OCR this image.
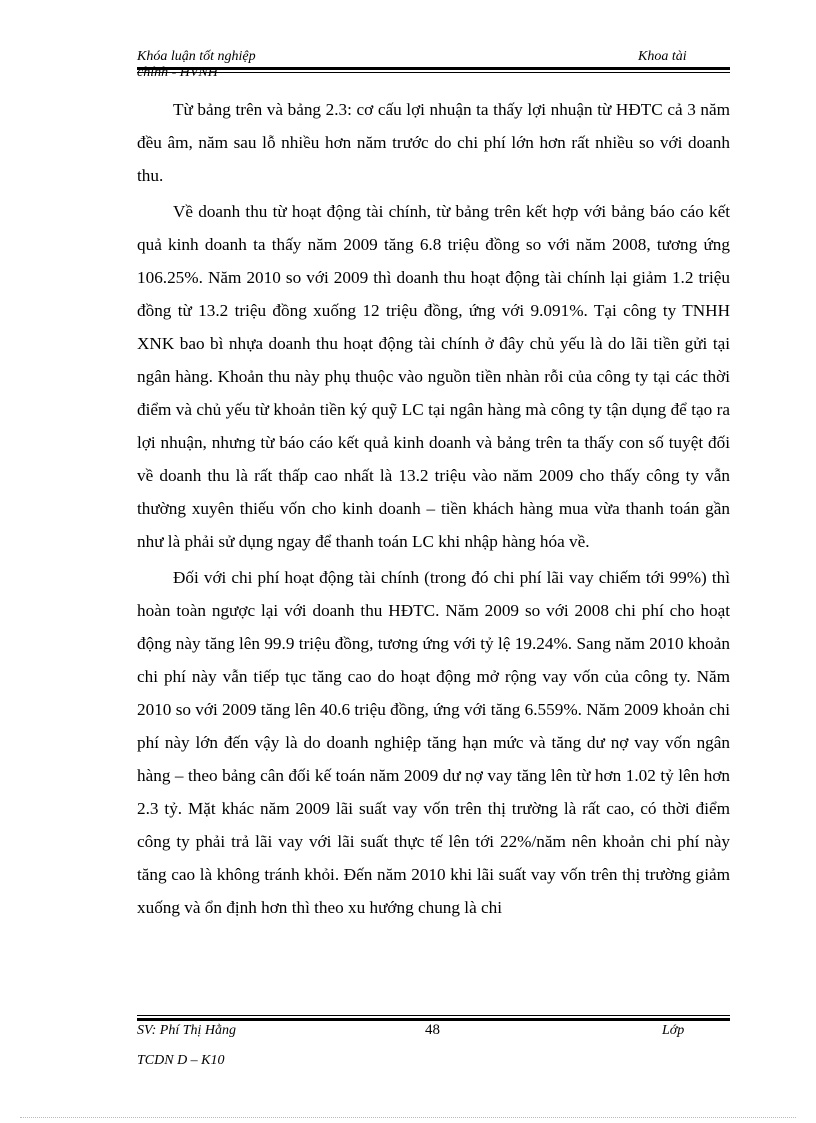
Khóa luận tốt nghiệp	Khoa tài
chính - HVNH

Từ bảng trên và bảng 2.3: cơ cấu lợi nhuận ta thấy lợi nhuận từ HĐTC cả 3 năm đều âm, năm sau lỗ nhiều hơn năm trước do chi phí lớn hơn rất nhiều so với doanh thu.

Về doanh thu từ hoạt động tài chính, từ bảng trên kết hợp với bảng báo cáo kết quả kinh doanh ta thấy năm 2009 tăng 6.8 triệu đồng so với năm 2008, tương ứng 106.25%. Năm 2010 so với 2009 thì doanh thu hoạt động tài chính lại giảm 1.2 triệu đồng từ 13.2 triệu đồng xuống 12 triệu đồng, ứng với 9.091%. Tại công ty TNHH XNK bao bì nhựa doanh thu hoạt động tài chính ở đây chủ yếu là do lãi tiền gửi tại ngân hàng. Khoản thu này phụ thuộc vào nguồn tiền nhàn rỗi của công ty tại các thời điểm và chủ yếu từ khoản tiền ký quỹ LC tại ngân hàng mà công ty tận dụng để tạo ra lợi nhuận, nhưng từ báo cáo kết quả kinh doanh và bảng trên ta thấy con số tuyệt đối về doanh thu là rất thấp cao nhất là 13.2 triệu vào năm 2009 cho thấy công ty vẫn thường xuyên thiếu vốn cho kinh doanh – tiền khách hàng mua vừa thanh toán gần như là phải sử dụng ngay để thanh toán LC khi nhập hàng hóa về.

Đối với chi phí hoạt động tài chính (trong đó chi phí lãi vay chiếm tới 99%) thì hoàn toàn ngược lại với doanh thu HĐTC. Năm 2009 so với 2008 chi phí cho hoạt động này tăng lên 99.9 triệu đồng, tương ứng với tỷ lệ 19.24%. Sang năm 2010 khoản chi phí này vẫn tiếp tục tăng cao do hoạt động mở rộng vay vốn của công ty. Năm 2010 so với 2009 tăng lên 40.6 triệu đồng, ứng với tăng 6.559%. Năm 2009 khoản chi phí này lớn đến vậy là do doanh nghiệp tăng hạn mức và tăng dư nợ vay vốn ngân hàng – theo bảng cân đối kế toán năm 2009 dư nợ vay tăng lên từ hơn 1.02 tỷ lên hơn 2.3 tỷ. Mặt khác năm 2009 lãi suất vay vốn trên thị trường là rất cao, có thời điểm công ty phải trả lãi vay với lãi suất thực tế lên tới 22%/năm nên khoản chi phí này tăng cao là không tránh khỏi. Đến năm 2010 khi lãi suất vay vốn trên thị trường giảm xuống và ổn định hơn thì theo xu hướng chung là chi

SV: Phí Thị Hằng	48	Lớp
TCDN D – K10
